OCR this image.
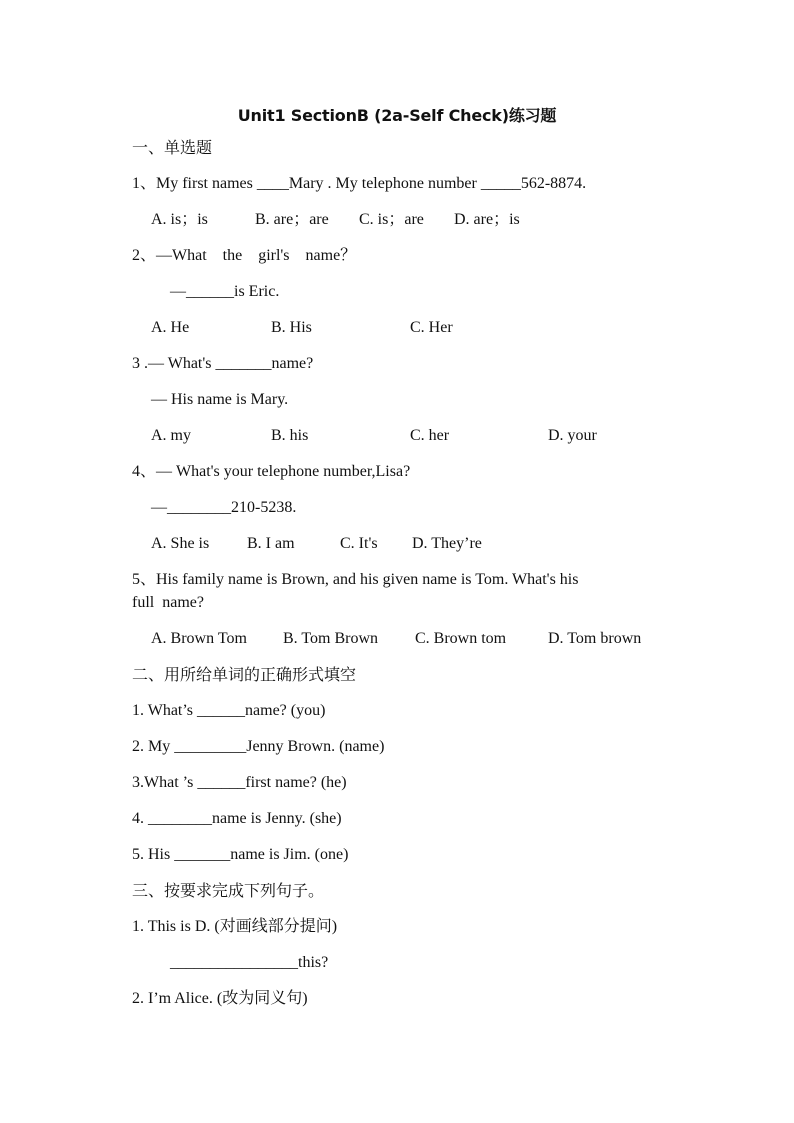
Unit1 SectionB (2a-Self Check)练习题
一、单选题
1、My first names ____Mary . My telephone number _____562-8874.
A. is；is	B. are；are C. is；are D. are；is
2、—What    the    girl's    name？
—______is Eric.
A. He	B. His	C. Her
3 .— What's _______name?
— His name is Mary.
A. my	B. his	C. her	D. your
4、— What's your telephone number,Lisa?
—________210-5238.
A. She is B. I am	C. It's D. They’re
5、His family name is Brown, and his given name is Tom. What's his
full  name?
A. Brown Tom B. Tom Brown C. Brown tom	D. Tom brown
二、用所给单词的正确形式填空
1. What’s ______name? (you)
2. My _________Jenny Brown. (name)
3.What ’s ______first name? (he)
4. ________name is Jenny. (she)
5. His _______name is Jim. (one)
三、按要求完成下列句子。
1. This is D. (对画线部分提问)
________________this?
2. I’m Alice. (改为同义句)
